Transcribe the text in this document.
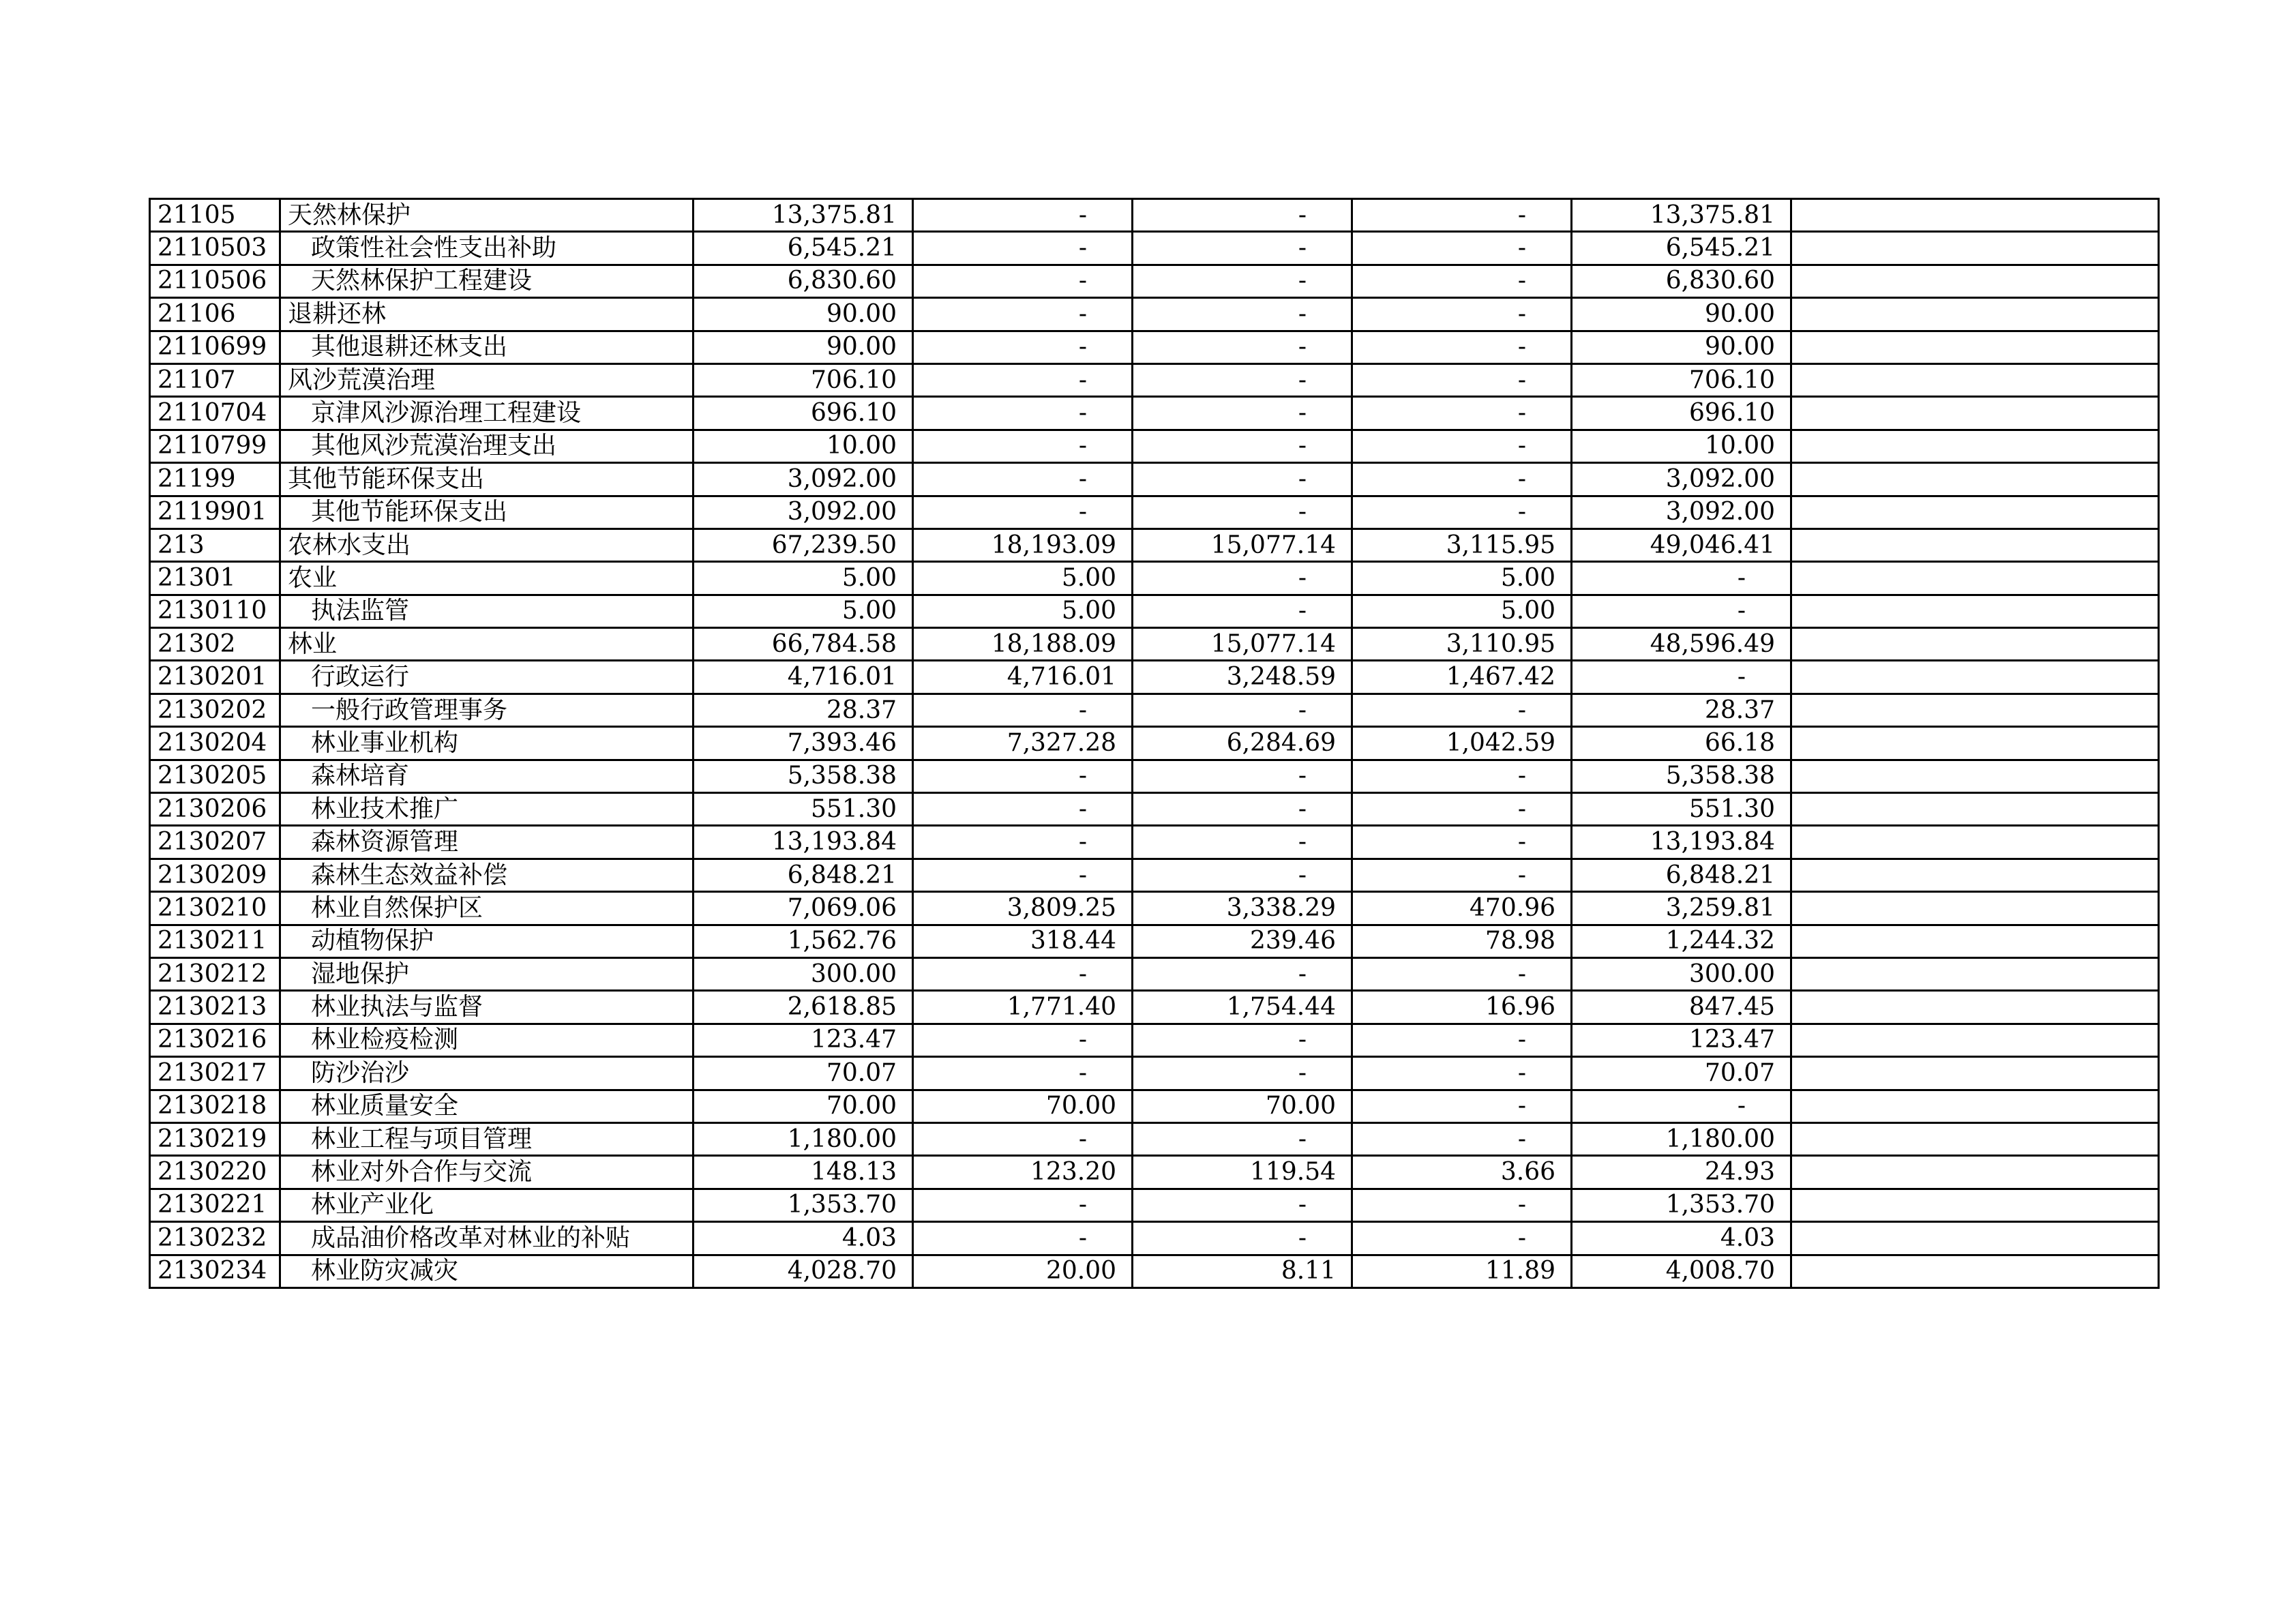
21105	天然林保护	13,375.81	-	-	-	13,375.81	
2110503	政策性社会性支出补助	6,545.21	-	-	-	6,545.21	
2110506	天然林保护工程建设	6,830.60	-	-	-	6,830.60	
21106	退耕还林	90.00	-	-	-	90.00	
2110699	其他退耕还林支出	90.00	-	-	-	90.00	
21107	风沙荒漠治理	706.10	-	-	-	706.10	
2110704	京津风沙源治理工程建设	696.10	-	-	-	696.10	
2110799	其他风沙荒漠治理支出	10.00	-	-	-	10.00	
21199	其他节能环保支出	3,092.00	-	-	-	3,092.00	
2119901	其他节能环保支出	3,092.00	-	-	-	3,092.00	
213	农林水支出	67,239.50	18,193.09	15,077.14	3,115.95	49,046.41	
21301	农业	5.00	5.00	-	5.00	-	
2130110	执法监管	5.00	5.00	-	5.00	-	
21302	林业	66,784.58	18,188.09	15,077.14	3,110.95	48,596.49	
2130201	行政运行	4,716.01	4,716.01	3,248.59	1,467.42	-	
2130202	一般行政管理事务	28.37	-	-	-	28.37	
2130204	林业事业机构	7,393.46	7,327.28	6,284.69	1,042.59	66.18	
2130205	森林培育	5,358.38	-	-	-	5,358.38	
2130206	林业技术推广	551.30	-	-	-	551.30	
2130207	森林资源管理	13,193.84	-	-	-	13,193.84	
2130209	森林生态效益补偿	6,848.21	-	-	-	6,848.21	
2130210	林业自然保护区	7,069.06	3,809.25	3,338.29	470.96	3,259.81	
2130211	动植物保护	1,562.76	318.44	239.46	78.98	1,244.32	
2130212	湿地保护	300.00	-	-	-	300.00	
2130213	林业执法与监督	2,618.85	1,771.40	1,754.44	16.96	847.45	
2130216	林业检疫检测	123.47	-	-	-	123.47	
2130217	防沙治沙	70.07	-	-	-	70.07	
2130218	林业质量安全	70.00	70.00	70.00	-	-	
2130219	林业工程与项目管理	1,180.00	-	-	-	1,180.00	
2130220	林业对外合作与交流	148.13	123.20	119.54	3.66	24.93	
2130221	林业产业化	1,353.70	-	-	-	1,353.70	
2130232	成品油价格改革对林业的补贴	4.03	-	-	-	4.03	
2130234	林业防灾减灾	4,028.70	20.00	8.11	11.89	4,008.70	
